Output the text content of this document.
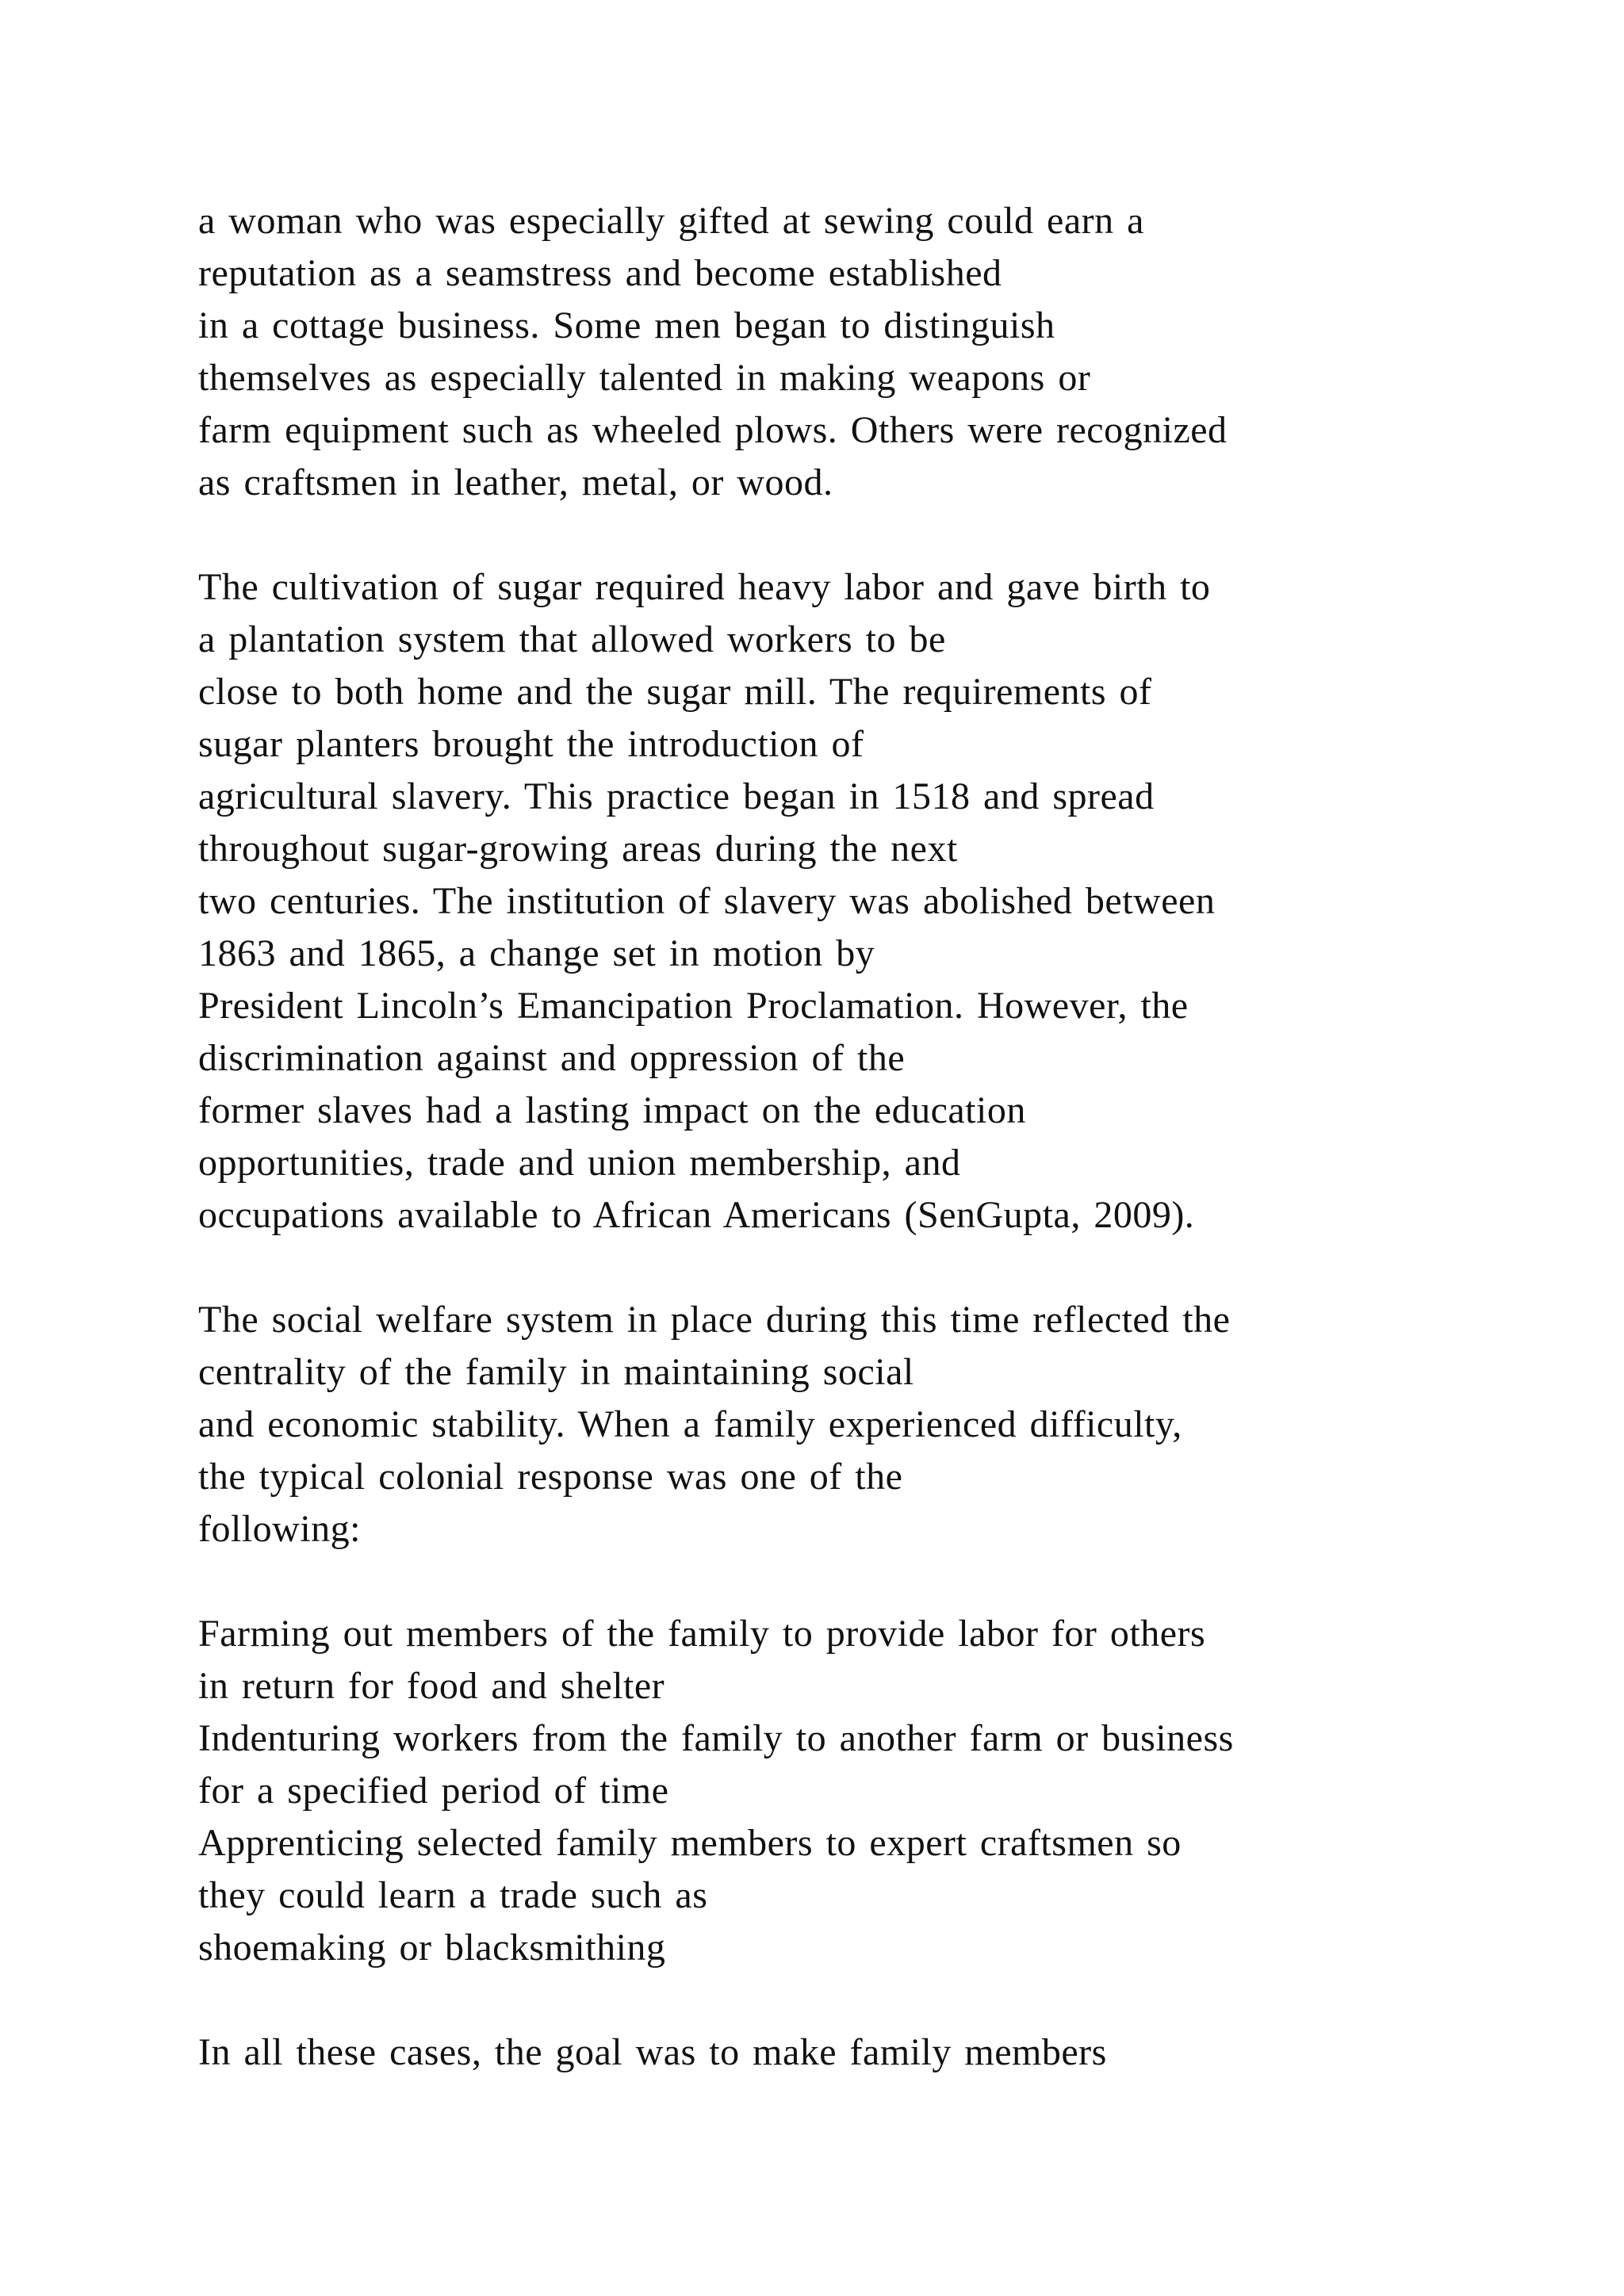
a woman who was especially gifted at sewing could earn a
reputation as a seamstress and become established
in a cottage business. Some men began to distinguish
themselves as especially talented in making weapons or
farm equipment such as wheeled plows. Others were recognized
as craftsmen in leather, metal, or wood.

The cultivation of sugar required heavy labor and gave birth to
a plantation system that allowed workers to be
close to both home and the sugar mill. The requirements of
sugar planters brought the introduction of
agricultural slavery. This practice began in 1518 and spread
throughout sugar-growing areas during the next
two centuries. The institution of slavery was abolished between
1863 and 1865, a change set in motion by
President Lincoln’s Emancipation Proclamation. However, the
discrimination against and oppression of the
former slaves had a lasting impact on the education
opportunities, trade and union membership, and
occupations available to African Americans (SenGupta, 2009).

The social welfare system in place during this time reflected the
centrality of the family in maintaining social
and economic stability. When a family experienced difficulty,
the typical colonial response was one of the
following:

Farming out members of the family to provide labor for others
in return for food and shelter
Indenturing workers from the family to another farm or business
for a specified period of time
Apprenticing selected family members to expert craftsmen so
they could learn a trade such as
shoemaking or blacksmithing

In all these cases, the goal was to make family members
